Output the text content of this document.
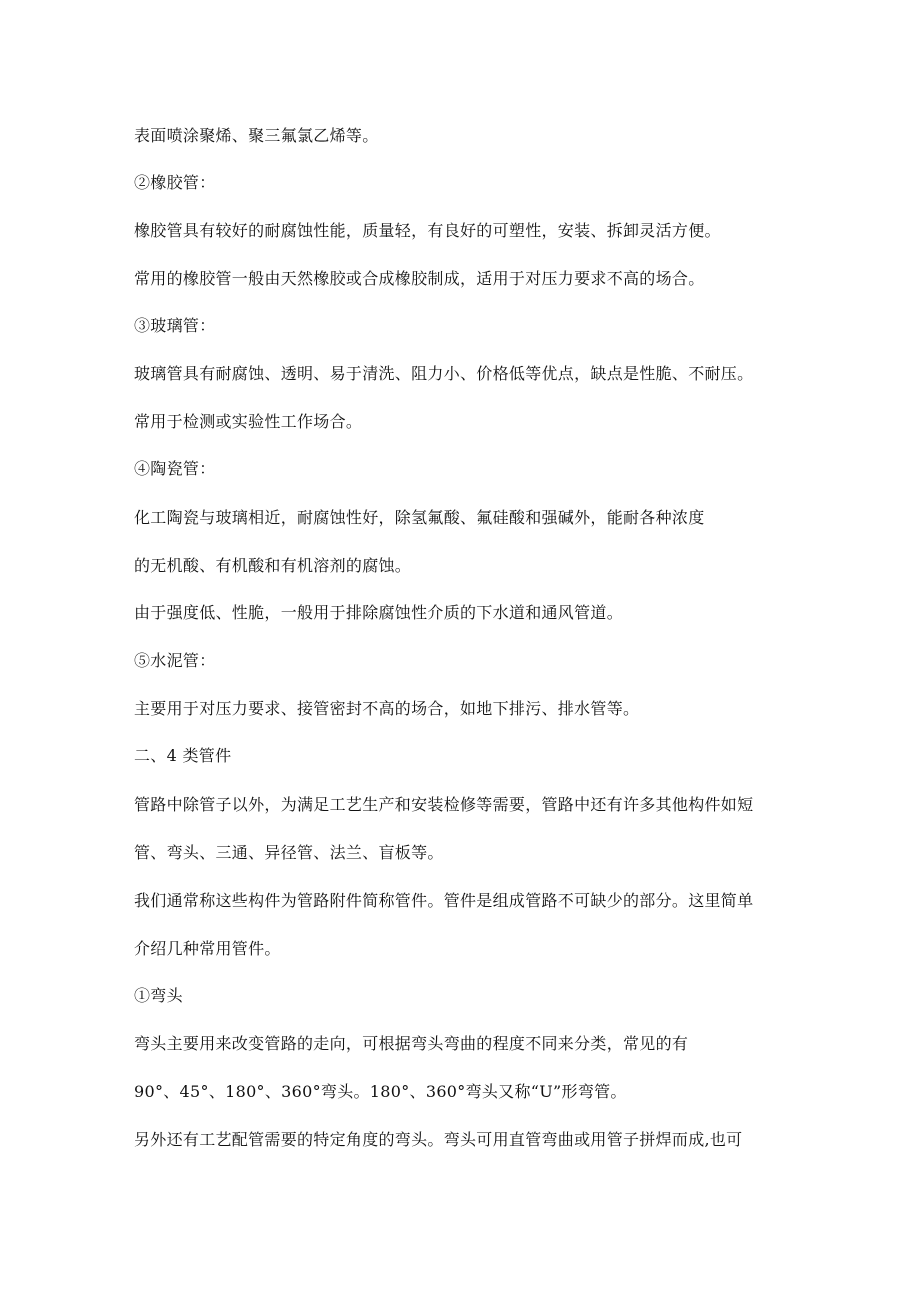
表面喷涂聚烯、聚三氟氯乙烯等。
②橡胶管：
橡胶管具有较好的耐腐蚀性能，质量轻，有良好的可塑性，安装、拆卸灵活方便。
常用的橡胶管一般由天然橡胶或合成橡胶制成，适用于对压力要求不高的场合。
③玻璃管：
玻璃管具有耐腐蚀、透明、易于清洗、阻力小、价格低等优点，缺点是性脆、不耐压。
常用于检测或实验性工作场合。
④陶瓷管：
化工陶瓷与玻璃相近，耐腐蚀性好，除氢氟酸、氟硅酸和强碱外，能耐各种浓度
的无机酸、有机酸和有机溶剂的腐蚀。
由于强度低、性脆，一般用于排除腐蚀性介质的下水道和通风管道。
⑤水泥管：
主要用于对压力要求、接管密封不高的场合，如地下排污、排水管等。
二、4 类管件
管路中除管子以外，为满足工艺生产和安装检修等需要，管路中还有许多其他构件如短
管、弯头、三通、异径管、法兰、盲板等。
我们通常称这些构件为管路附件简称管件。管件是组成管路不可缺少的部分。这里简单
介绍几种常用管件。
①弯头
弯头主要用来改变管路的走向，可根据弯头弯曲的程度不同来分类，常见的有
90°、45°、180°、360°弯头。180°、360°弯头又称“U”形弯管。
另外还有工艺配管需要的特定角度的弯头。弯头可用直管弯曲或用管子拼焊而成,也可
